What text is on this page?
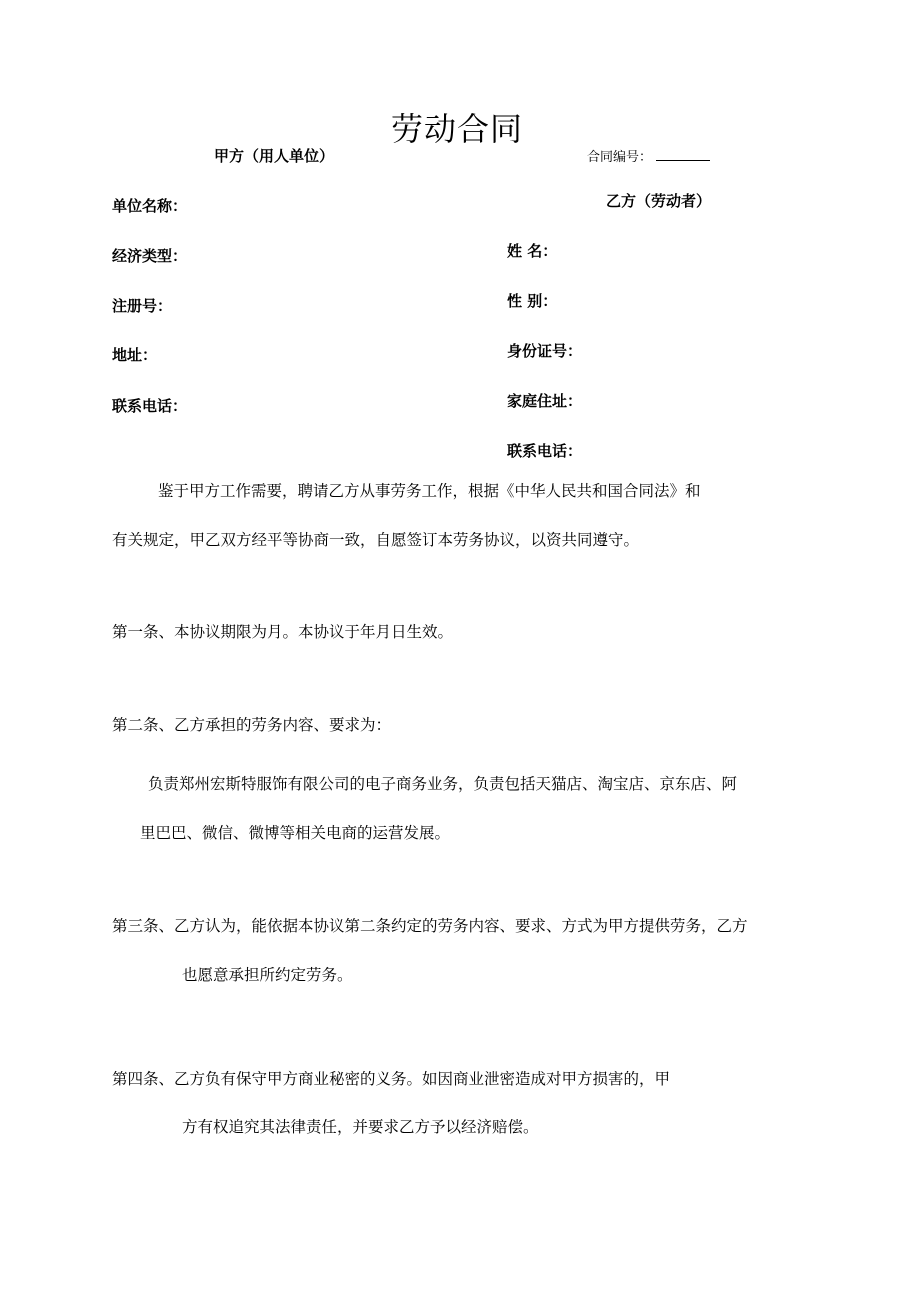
劳动合同
甲方（用人单位）	合同编号：
乙方（劳动者）
单位名称：
经济类型：
注册号：
地址：
联系电话：
姓 名：
性 别：
身份证号：
家庭住址：
联系电话：
鉴于甲方工作需要，聘请乙方从事劳务工作，根据《中华人民共和国合同法》和
有关规定，甲乙双方经平等协商一致，自愿签订本劳务协议，以资共同遵守。
第一条、本协议期限为月。本协议于年月日生效。
第二条、乙方承担的劳务内容、要求为：
负责郑州宏斯特服饰有限公司的电子商务业务，负责包括天猫店、淘宝店、京东店、阿
里巴巴、微信、微博等相关电商的运营发展。
第三条、乙方认为，能依据本协议第二条约定的劳务内容、要求、方式为甲方提供劳务，乙方
也愿意承担所约定劳务。
第四条、乙方负有保守甲方商业秘密的义务。如因商业泄密造成对甲方损害的，甲
方有权追究其法律责任，并要求乙方予以经济赔偿。
